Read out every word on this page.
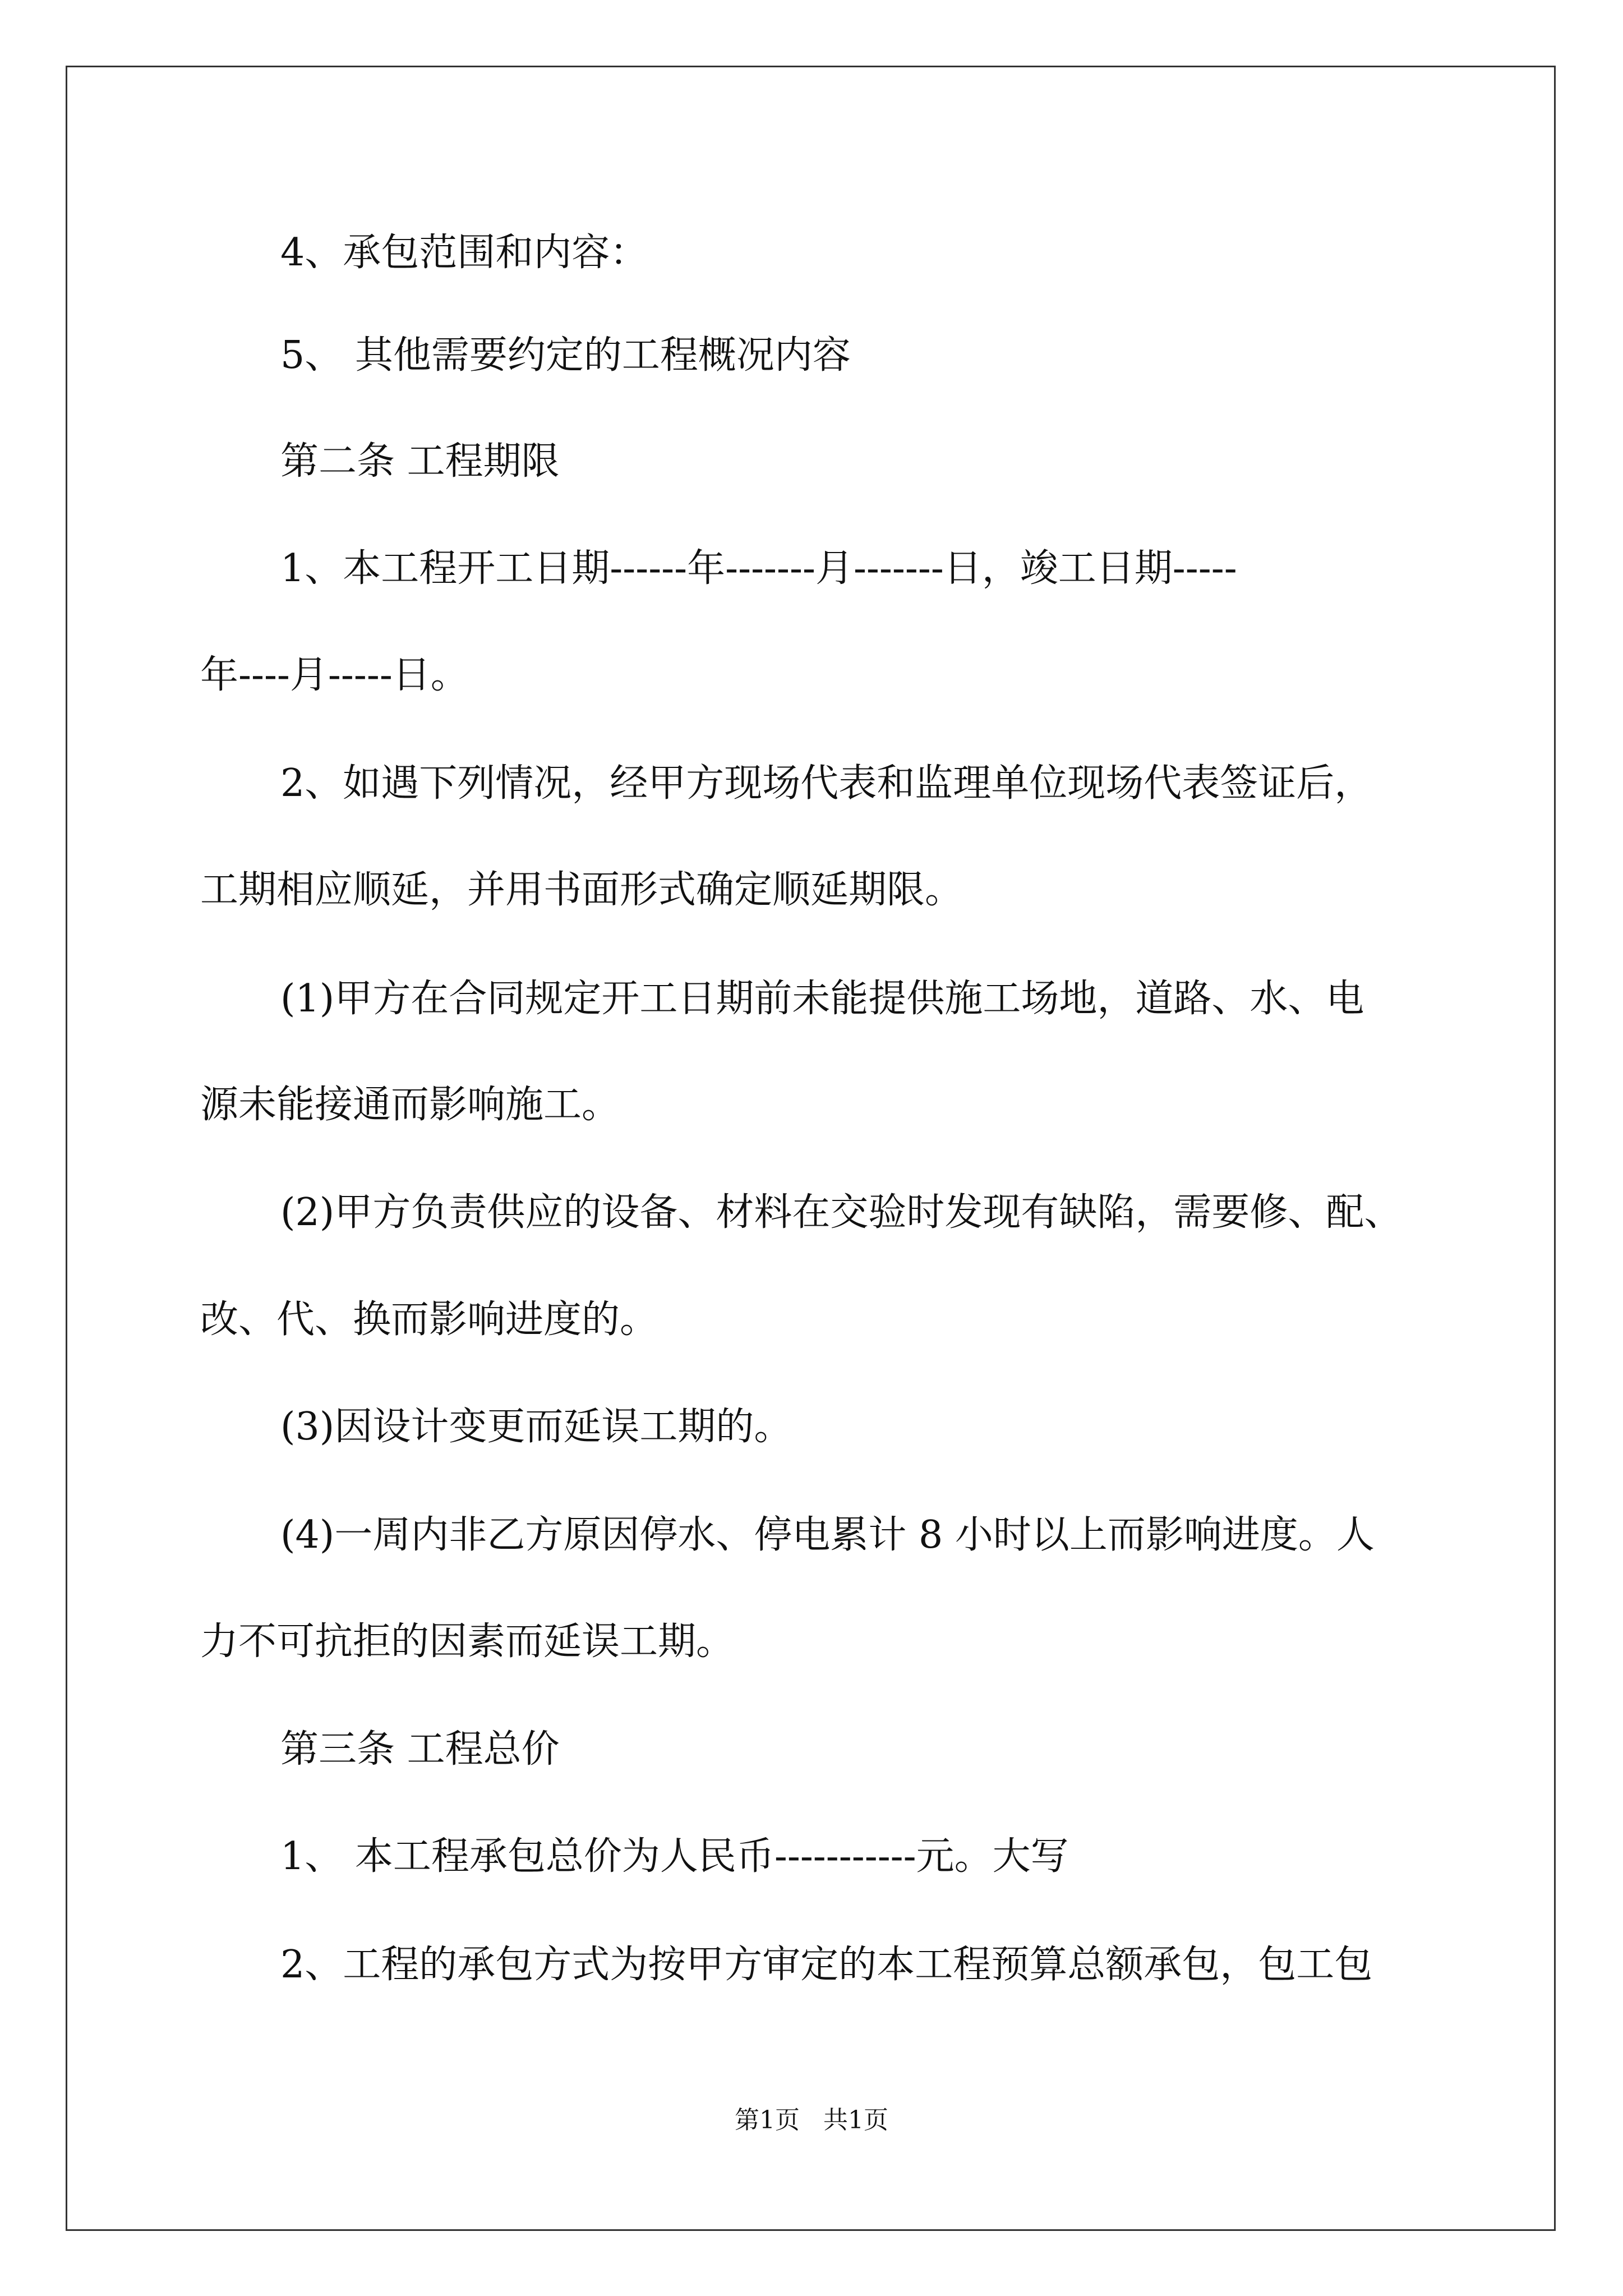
4、承包范围和内容：

5、 其他需要约定的工程概况内容

第二条 工程期限

1、本工程开工日期------年-------月-------日，竣工日期-----

年----月-----日。

2、如遇下列情况，经甲方现场代表和监理单位现场代表签证后，

工期相应顺延，并用书面形式确定顺延期限。

(1)甲方在合同规定开工日期前未能提供施工场地，道路、水、电

源未能接通而影响施工。

(2)甲方负责供应的设备、材料在交验时发现有缺陷，需要修、配、

改、代、换而影响进度的。

(3)因设计变更而延误工期的。

(4)一周内非乙方原因停水、停电累计 8 小时以上而影响进度。人

力不可抗拒的因素而延误工期。

第三条 工程总价

1、 本工程承包总价为人民币-----------元。大写

2、工程的承包方式为按甲方审定的本工程预算总额承包，包工包

第1页   共1页
